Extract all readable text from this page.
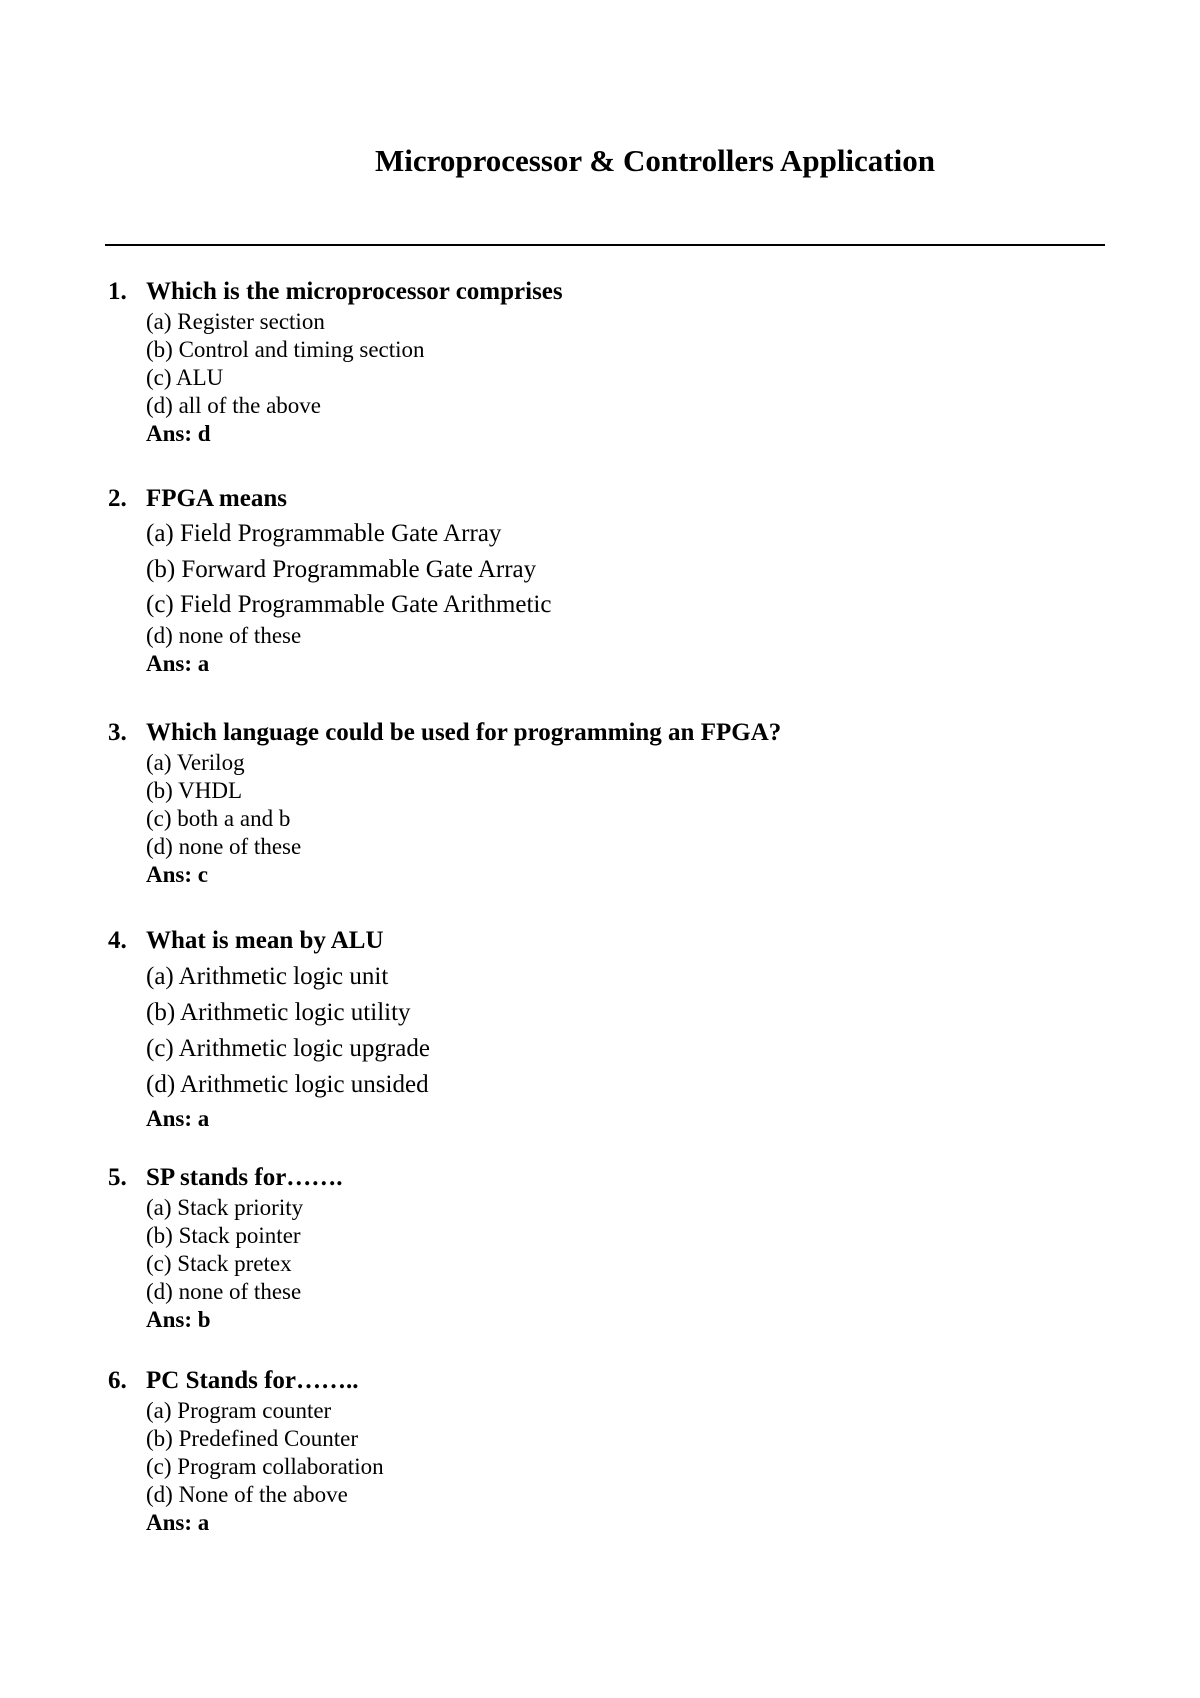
Microprocessor & Controllers Application
1. Which is the microprocessor comprises
(a) Register section
(b) Control and timing section
(c) ALU
(d) all of the above
Ans: d
2. FPGA means
(a) Field Programmable Gate Array
(b) Forward Programmable Gate Array
(c) Field Programmable Gate Arithmetic
(d) none of these
Ans: a
3. Which language could be used for programming an FPGA?
(a) Verilog
(b) VHDL
(c) both a and b
(d) none of these
Ans: c
4. What is mean by ALU
(a) Arithmetic logic unit
(b) Arithmetic logic utility
(c) Arithmetic logic upgrade
(d) Arithmetic logic unsided
Ans: a
5. SP stands for…….
(a) Stack priority
(b) Stack pointer
(c) Stack pretex
(d) none of these
Ans: b
6. PC Stands for……..
(a) Program counter
(b) Predefined Counter
(c) Program collaboration
(d) None of the above
Ans: a
